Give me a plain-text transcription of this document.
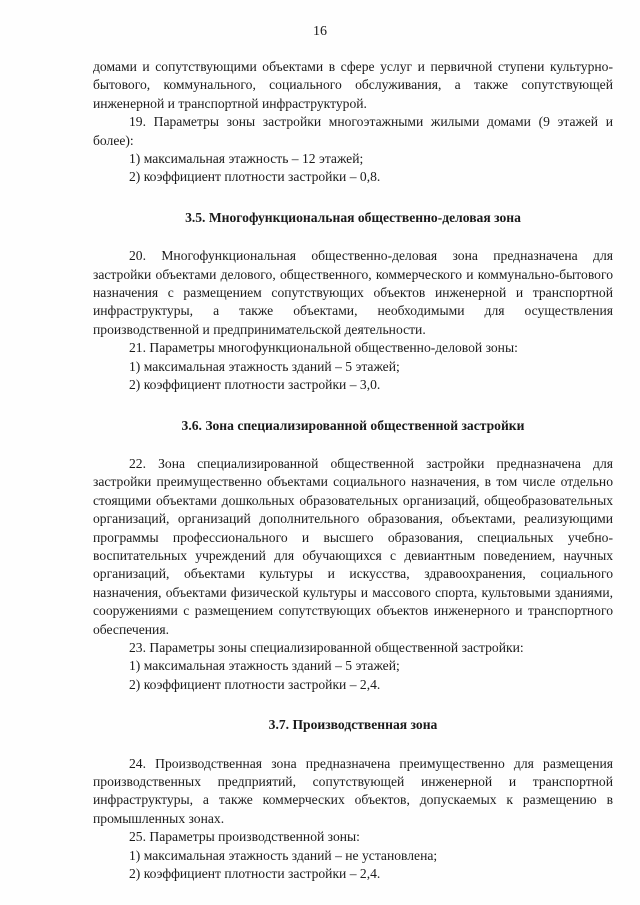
16

домами и сопутствующими объектами в сфере услуг и первичной ступени культурно-бытового, коммунального, социального обслуживания, а также сопутствующей инженерной и транспортной инфраструктурой.

19. Параметры зоны застройки многоэтажными жилыми домами (9 этажей и более):

1) максимальная этажность – 12 этажей;

2) коэффициент плотности застройки – 0,8.

3.5. Многофункциональная общественно-деловая зона

20. Многофункциональная общественно-деловая зона предназначена для застройки объектами делового, общественного, коммерческого и коммунально-бытового назначения с размещением сопутствующих объектов инженерной и транспортной инфраструктуры, а также объектами, необходимыми для осуществления производственной и предпринимательской деятельности.

21. Параметры многофункциональной общественно-деловой зоны:

1) максимальная этажность зданий – 5 этажей;

2) коэффициент плотности застройки – 3,0.

3.6. Зона специализированной общественной застройки

22. Зона специализированной общественной застройки предназначена для застройки преимущественно объектами социального назначения, в том числе отдельно стоящими объектами дошкольных образовательных организаций, общеобразовательных организаций, организаций дополнительного образования, объектами, реализующими программы профессионального и высшего образования, специальных учебно-воспитательных учреждений для обучающихся с девиантным поведением, научных организаций, объектами культуры и искусства, здравоохранения, социального назначения, объектами физической культуры и массового спорта, культовыми зданиями, сооружениями с размещением сопутствующих объектов инженерного и транспортного обеспечения.

23. Параметры зоны специализированной общественной застройки:

1) максимальная этажность зданий – 5 этажей;

2) коэффициент плотности застройки – 2,4.

3.7. Производственная зона

24. Производственная зона предназначена преимущественно для размещения производственных предприятий, сопутствующей инженерной и транспортной инфраструктуры, а также коммерческих объектов, допускаемых к размещению в промышленных зонах.

25. Параметры производственной зоны:

1) максимальная этажность зданий – не установлена;

2) коэффициент плотности застройки – 2,4.
